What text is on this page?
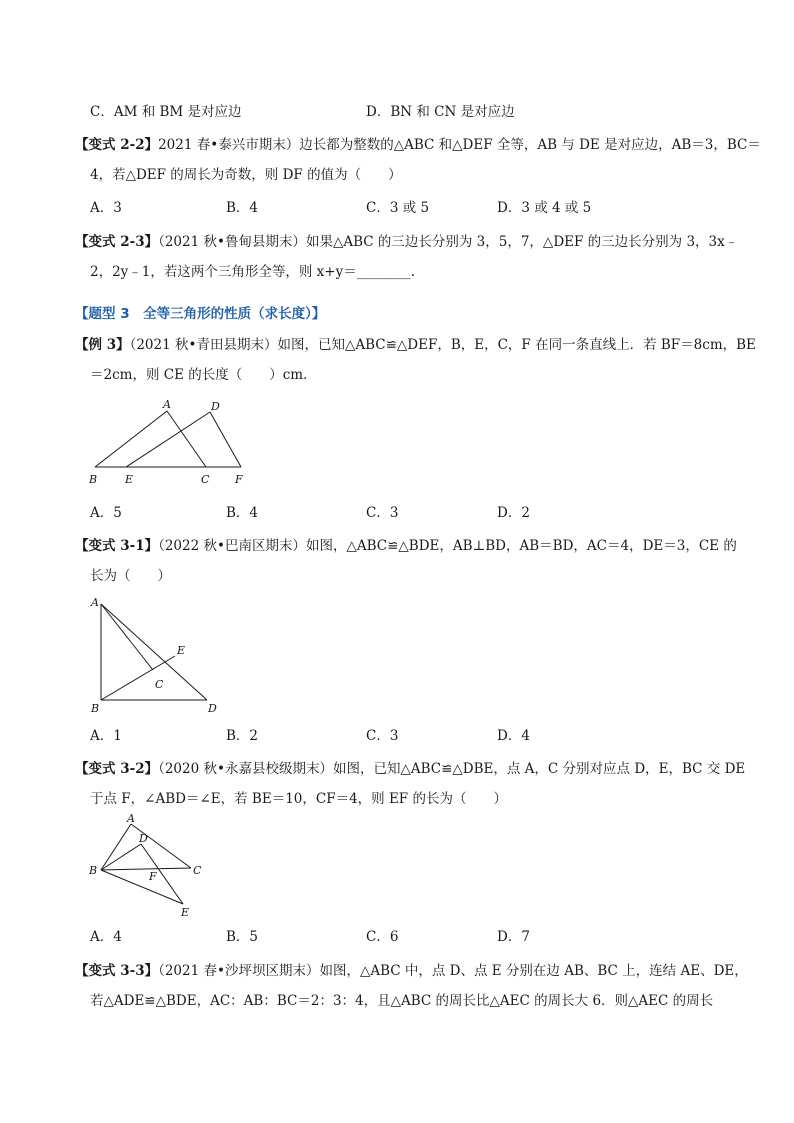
C．AM 和 BM 是对应边	D．BN 和 CN 是对应边
【变式 2-2】2021 春•泰兴市期末）边长都为整数的△ABC 和△DEF 全等，AB 与 DE 是对应边，AB＝3，BC＝
4，若△DEF 的周长为奇数，则 DF 的值为（　　）
A．3	B．4	C．3 或 5	D．3 或 4 或 5
【变式 2-3】（2021 秋•鲁甸县期末）如果△ABC 的三边长分别为 3，5，7，△DEF 的三边长分别为 3，3x﹣
2，2y﹣1，若这两个三角形全等，则 x+y＝________.
【题型 3　全等三角形的性质（求长度）】
【例 3】（2021 秋•青田县期末）如图，已知△ABC≌△DEF，B，E，C，F 在同一条直线上．若 BF＝8cm，BE
＝2cm，则 CE 的长度（　　）cm．
A	D
B	E	C F
A．5	B．4	C．3	D．2
【变式 3-1】（2022 秋•巴南区期末）如图，△ABC≌△BDE，AB⊥BD，AB＝BD，AC＝4，DE＝3，CE 的
长为（　　）
A
E
C
B	D
A．1	B．2	C．3	D．4
【变式 3-2】（2020 秋•永嘉县校级期末）如图，已知△ABC≌△DBE，点 A，C 分别对应点 D，E，BC 交 DE
于点 F，∠ABD＝∠E，若 BE＝10，CF＝4，则 EF 的长为（　　）
A
D
B	F	C
E
A．4	B．5	C．6	D．7
【变式 3-3】（2021 春•沙坪坝区期末）如图，△ABC 中，点 D、点 E 分别在边 AB、BC 上，连结 AE、DE，
若△ADE≌△BDE，AC：AB：BC＝2：3：4，且△ABC 的周长比△AEC 的周长大 6．则△AEC 的周长
